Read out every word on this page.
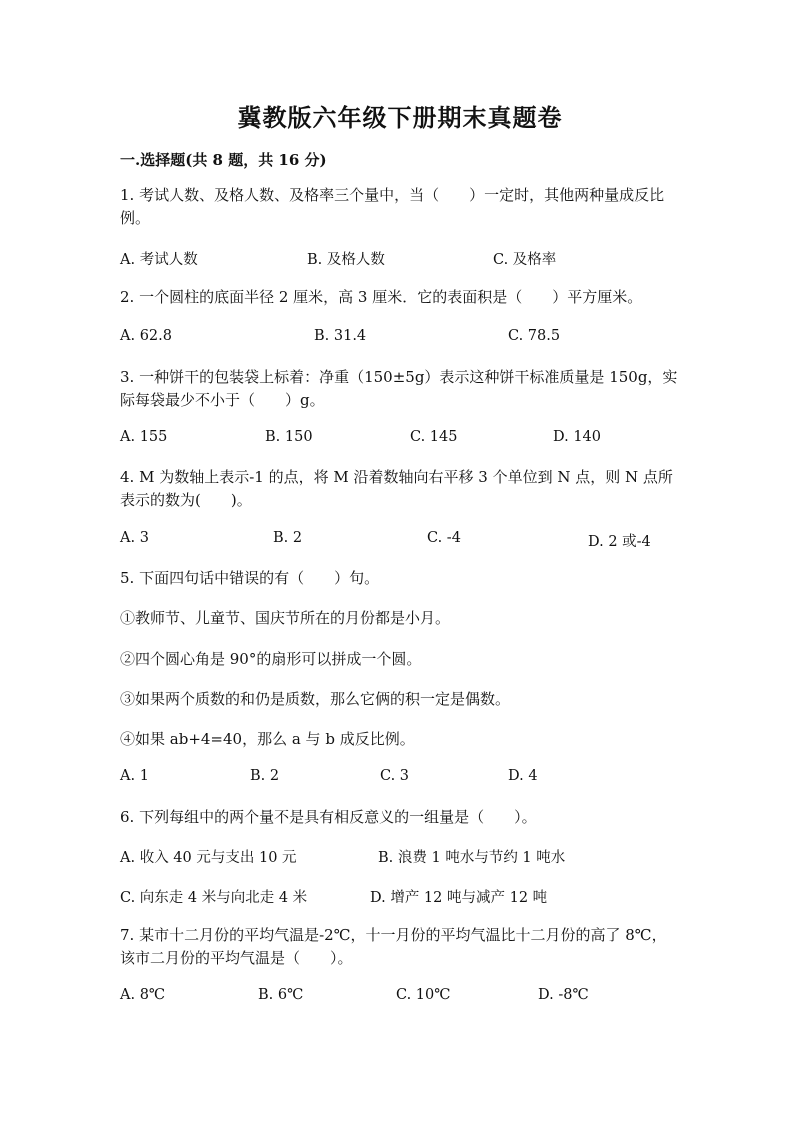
冀教版六年级下册期末真题卷
一.选择题(共 8 题，共 16 分)
1. 考试人数、及格人数、及格率三个量中，当（　　）一定时，其他两种量成反比例。
A. 考试人数	B. 及格人数	C. 及格率
2. 一个圆柱的底面半径 2 厘米，高 3 厘米．它的表面积是（　　）平方厘米。
A. 62.8	B. 31.4	C. 78.5
3. 一种饼干的包装袋上标着：净重（150±5g）表示这种饼干标准质量是 150g，实际每袋最少不小于（　　）g。
A. 155	B. 150	C. 145	D. 140
4. M 为数轴上表示-1 的点，将 M 沿着数轴向右平移 3 个单位到 N 点，则 N 点所表示的数为(　　)。
A. 3	B. 2	C. -4	D. 2 或-4
5. 下面四句话中错误的有（　　）句。
①教师节、儿童节、国庆节所在的月份都是小月。
②四个圆心角是 90°的扇形可以拼成一个圆。
③如果两个质数的和仍是质数，那么它俩的积一定是偶数。
④如果 ab+4=40，那么 a 与 b 成反比例。
A. 1	B. 2	C. 3	D. 4
6. 下列每组中的两个量不是具有相反意义的一组量是（　　）。
A. 收入 40 元与支出 10 元	B. 浪费 1 吨水与节约 1 吨水
C. 向东走 4 米与向北走 4 米	D. 增产 12 吨与减产 12 吨
7. 某市十二月份的平均气温是-2℃，十一月份的平均气温比十二月份的高了 8℃，该市二月份的平均气温是（　　）。
A. 8℃	B. 6℃	C. 10℃	D. -8℃
